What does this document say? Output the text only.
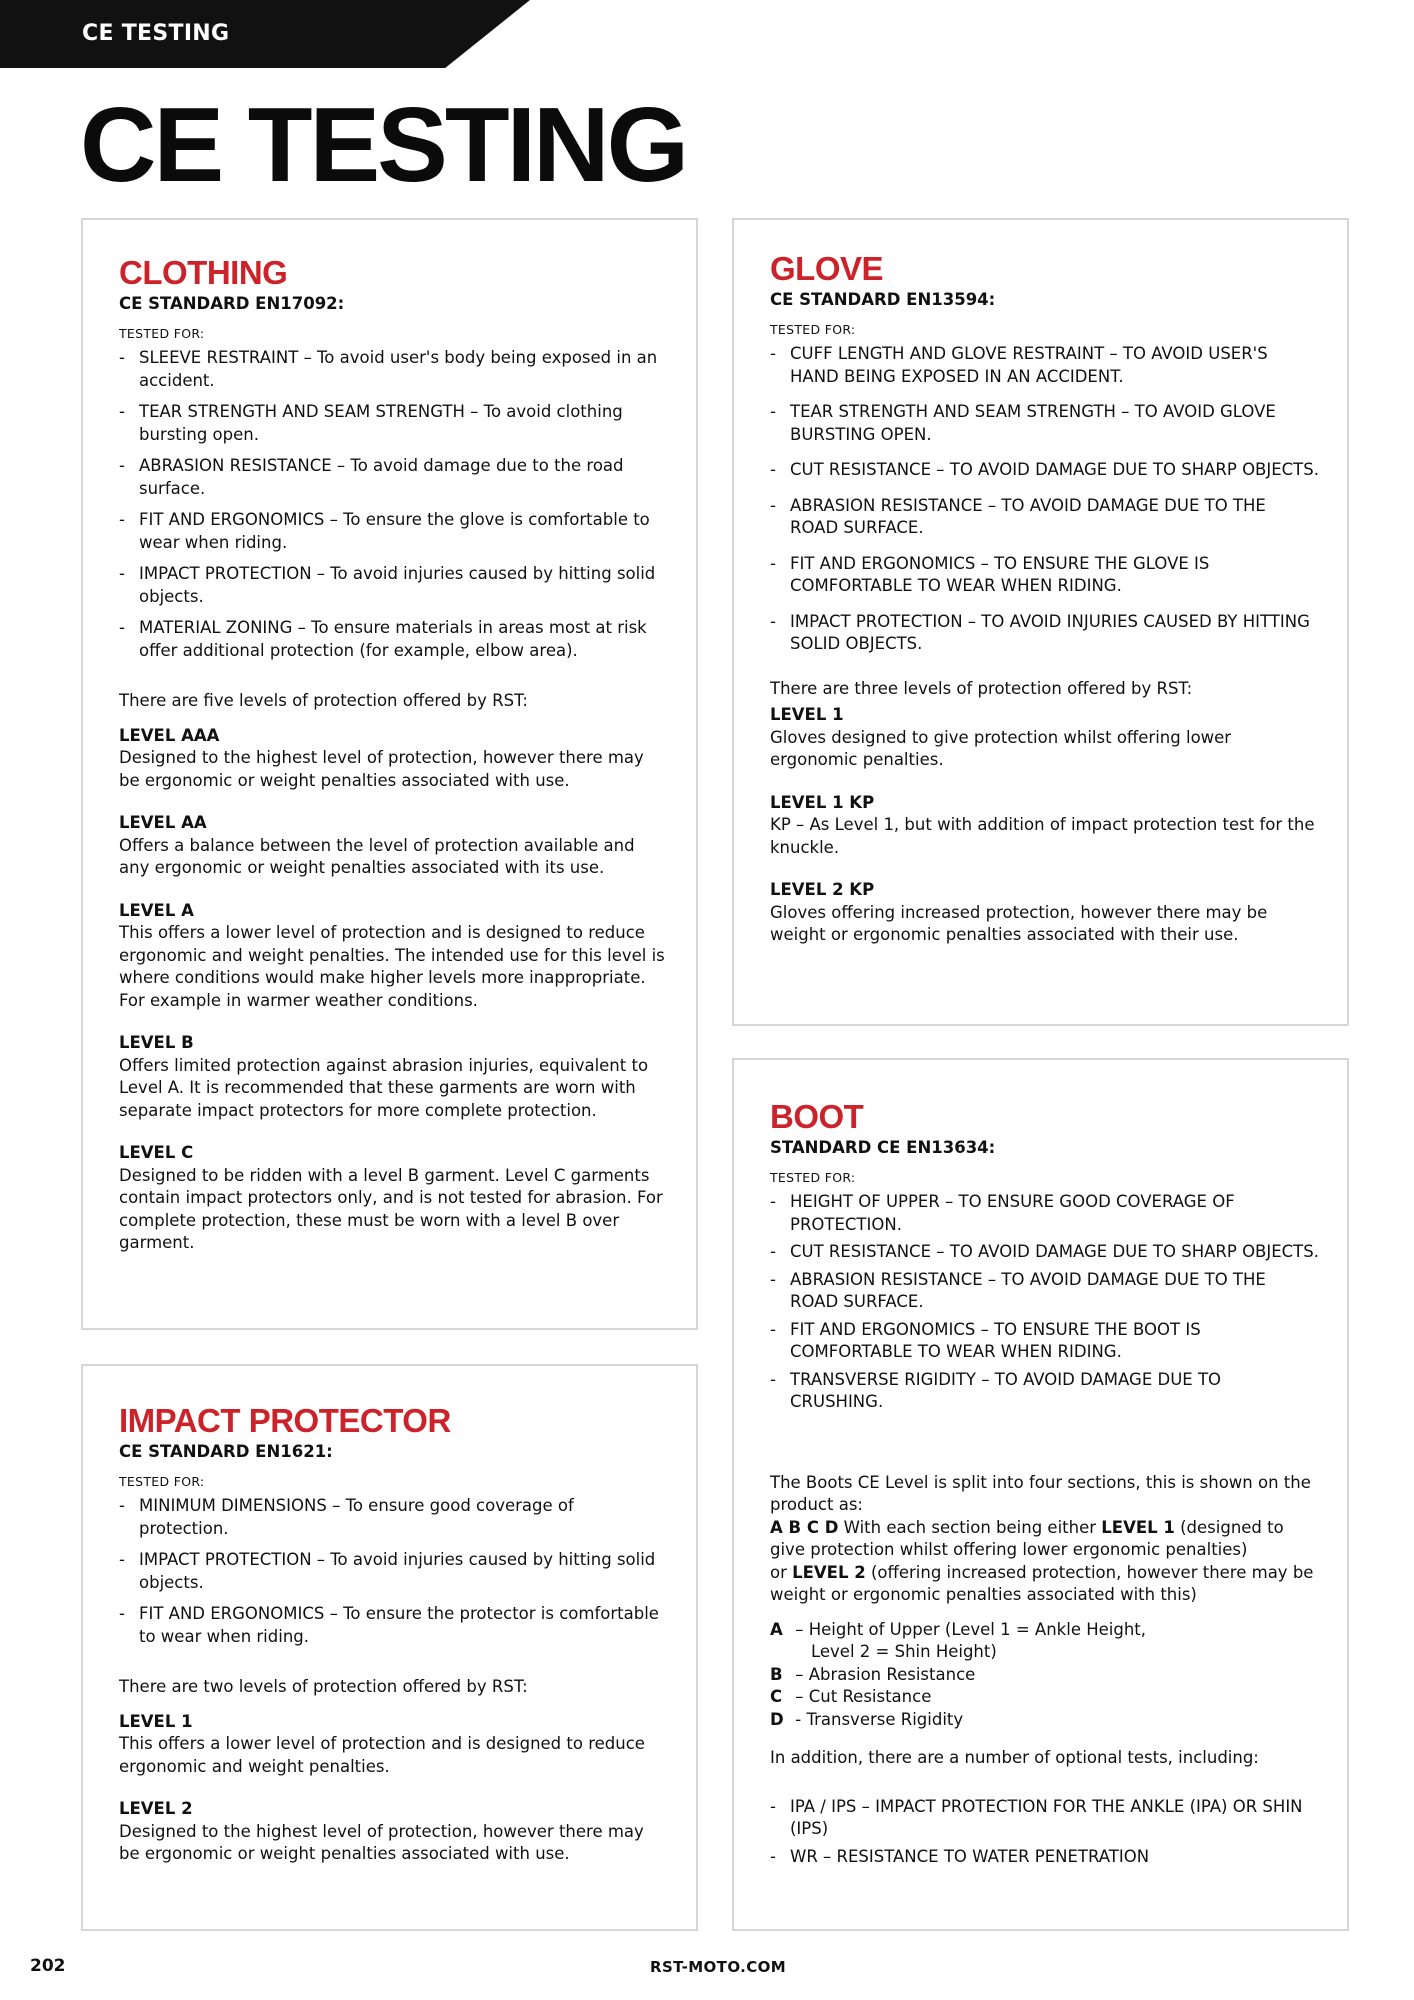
CE TESTING
CE TESTING
CLOTHING
CE STANDARD EN17092:
TESTED FOR:
- SLEEVE RESTRAINT – To avoid user's body being exposed in an accident.
- TEAR STRENGTH AND SEAM STRENGTH – To avoid clothing bursting open.
- ABRASION RESISTANCE – To avoid damage due to the road surface.
- FIT AND ERGONOMICS – To ensure the glove is comfortable to wear when riding.
- IMPACT PROTECTION – To avoid injuries caused by hitting solid objects.
- MATERIAL ZONING – To ensure materials in areas most at risk offer additional protection (for example, elbow area).

There are five levels of protection offered by RST:

LEVEL AAA

Designed to the highest level of protection, however there may be ergonomic or weight penalties associated with use.

LEVEL AA

Offers a balance between the level of protection available and any ergonomic or weight penalties associated with its use.

LEVEL A

This offers a lower level of protection and is designed to reduce ergonomic and weight penalties. The intended use for this level is where conditions would make higher levels more inappropriate. For example in warmer weather conditions.

LEVEL B

Offers limited protection against abrasion injuries, equivalent to Level A. It is recommended that these garments are worn with separate impact protectors for more complete protection.

LEVEL C

Designed to be ridden with a level B garment. Level C garments contain impact protectors only, and is not tested for abrasion. For complete protection, these must be worn with a level B over garment.

IMPACT PROTECTOR
CE STANDARD EN1621:
TESTED FOR:
- MINIMUM DIMENSIONS – To ensure good coverage of protection.
- IMPACT PROTECTION – To avoid injuries caused by hitting solid objects.
- FIT AND ERGONOMICS – To ensure the protector is comfortable to wear when riding.

There are two levels of protection offered by RST:

LEVEL 1

This offers a lower level of protection and is designed to reduce ergonomic and weight penalties.

LEVEL 2

Designed to the highest level of protection, however there may be ergonomic or weight penalties associated with use.

GLOVE
CE STANDARD EN13594:
TESTED FOR:
- CUFF LENGTH AND GLOVE RESTRAINT – TO AVOID USER'S HAND BEING EXPOSED IN AN ACCIDENT.
- TEAR STRENGTH AND SEAM STRENGTH – TO AVOID GLOVE BURSTING OPEN.
- CUT RESISTANCE – TO AVOID DAMAGE DUE TO SHARP OBJECTS.
- ABRASION RESISTANCE – TO AVOID DAMAGE DUE TO THE ROAD SURFACE.
- FIT AND ERGONOMICS – TO ENSURE THE GLOVE IS COMFORTABLE TO WEAR WHEN RIDING.
- IMPACT PROTECTION – TO AVOID INJURIES CAUSED BY HITTING SOLID OBJECTS.

There are three levels of protection offered by RST:

LEVEL 1

Gloves designed to give protection whilst offering lower ergonomic penalties.

LEVEL 1 KP

KP – As Level 1, but with addition of impact protection test for the knuckle.

LEVEL 2 KP

Gloves offering increased protection, however there may be weight or ergonomic penalties associated with their use.

BOOT
STANDARD CE EN13634:
TESTED FOR:
- HEIGHT OF UPPER – TO ENSURE GOOD COVERAGE OF PROTECTION.
- CUT RESISTANCE – TO AVOID DAMAGE DUE TO SHARP OBJECTS.
- ABRASION RESISTANCE – TO AVOID DAMAGE DUE TO THE ROAD SURFACE.
- FIT AND ERGONOMICS – TO ENSURE THE BOOT IS COMFORTABLE TO WEAR WHEN RIDING.
- TRANSVERSE RIGIDITY – TO AVOID DAMAGE DUE TO CRUSHING.

The Boots CE Level is split into four sections, this is shown on the product as:

A B C D With each section being either LEVEL 1 (designed to give protection whilst offering lower ergonomic penalties)

or LEVEL 2 (offering increased protection, however there may be weight or ergonomic penalties associated with this)

A – Height of Upper (Level 1 = Ankle Height,
Level 2 = Shin Height)
B – Abrasion Resistance
C – Cut Resistance
D - Transverse Rigidity

In addition, there are a number of optional tests, including:

- IPA / IPS – IMPACT PROTECTION FOR THE ANKLE (IPA) OR SHIN (IPS)
- WR – RESISTANCE TO WATER PENETRATION
202	RST-MOTO.COM
